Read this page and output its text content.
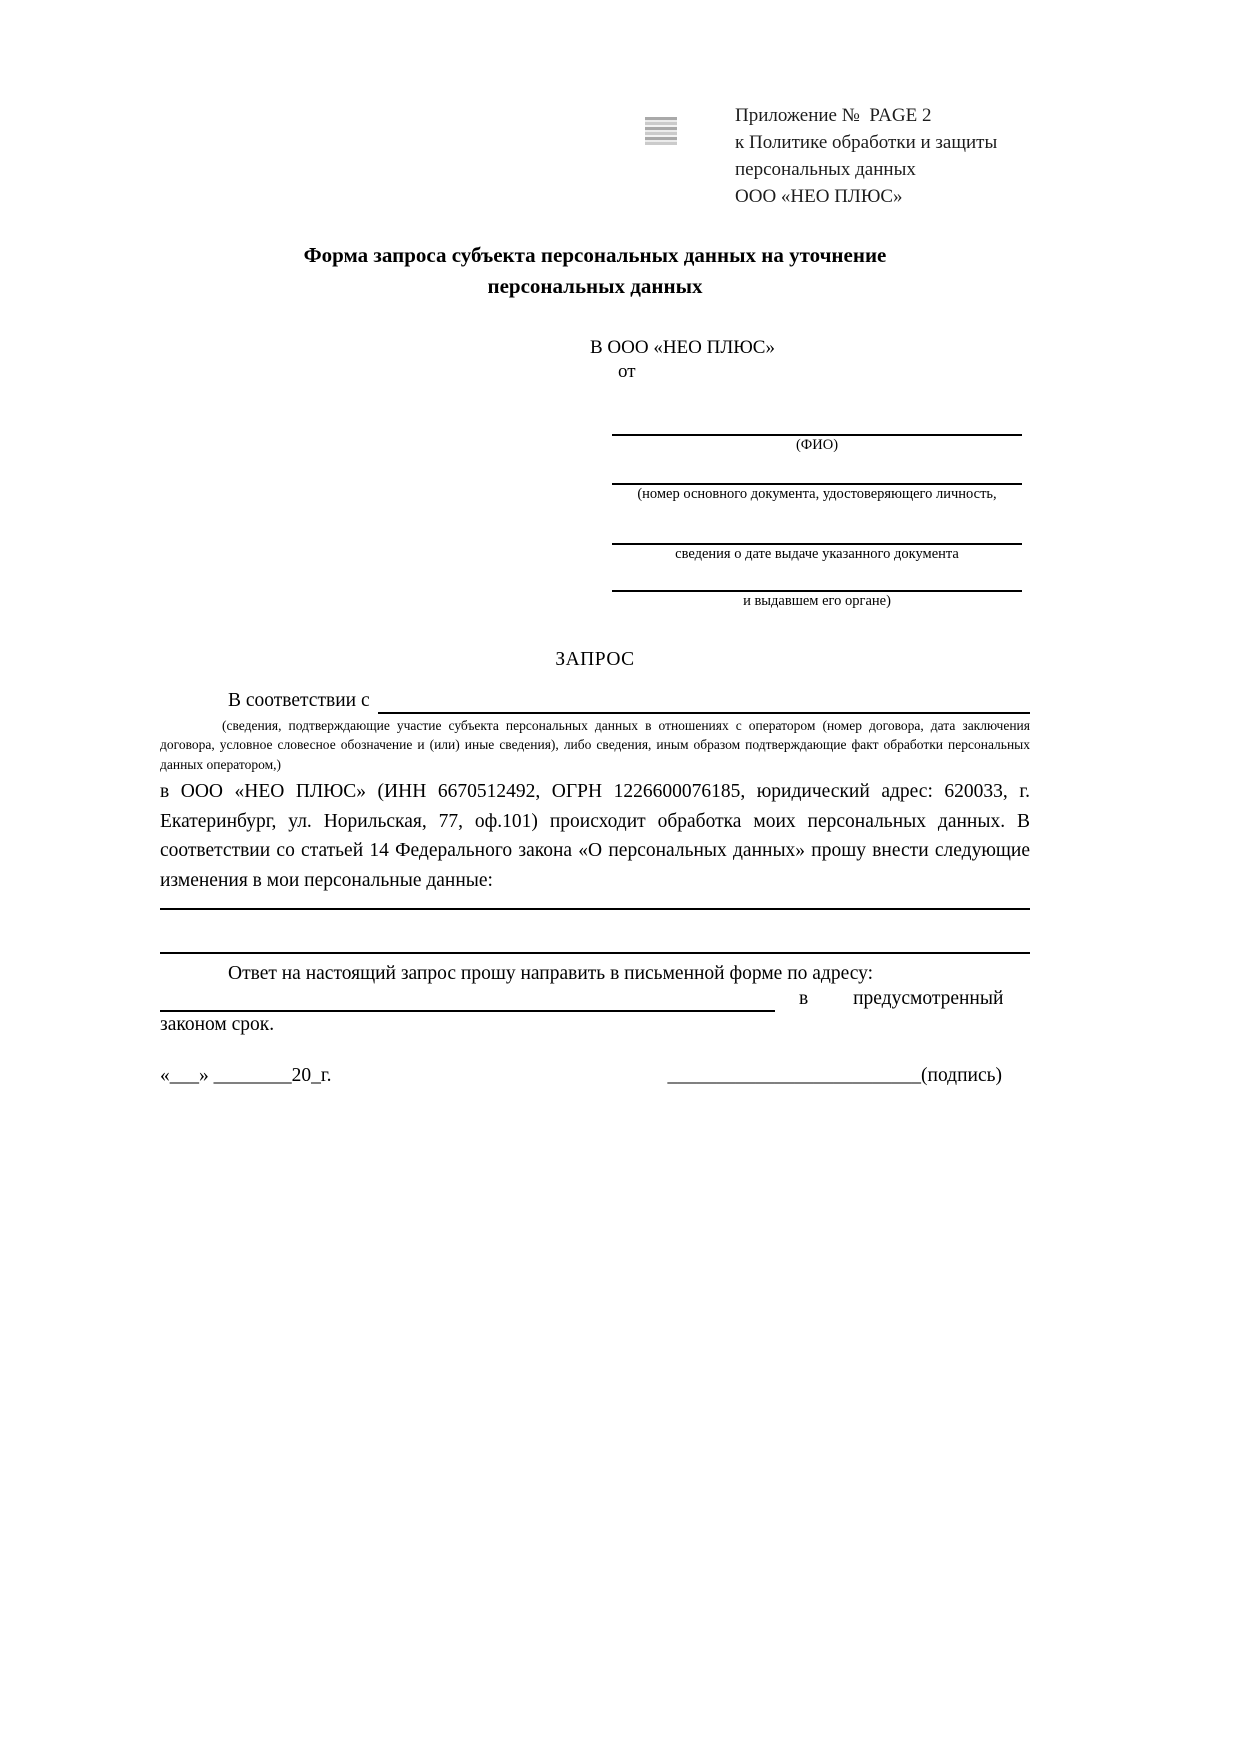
Приложение №  PAGE 2
к Политике обработки и защиты
персональных данных
ООО «НЕО ПЛЮС»
Форма запроса субъекта персональных данных на уточнение
персональных данных
В ООО «НЕО ПЛЮС»
от
(ФИО)
(номер основного документа, удостоверяющего личность,
сведения о дате выдаче указанного документа
и выдавшем его органе)
ЗАПРОС
В соответствии с
(сведения, подтверждающие участие субъекта персональных данных в отношениях с оператором (номер договора, дата заключения договора, условное словесное обозначение и (или) иные сведения), либо сведения, иным образом подтверждающие факт обработки персональных данных оператором,)
в ООО «НЕО ПЛЮС» (ИНН 6670512492, ОГРН 1226600076185, юридический адрес: 620033, г. Екатеринбург, ул. Норильская, 77, оф.101) происходит обработка моих персональных данных. В соответствии со статьей 14 Федерального закона «О персональных данных» прошу внести следующие изменения в мои персональные данные:
Ответ на настоящий запрос прошу направить в письменной форме по адресу:
в предусмотренный
законом срок.
«___» ________20_г.	__________________________(подпись)
